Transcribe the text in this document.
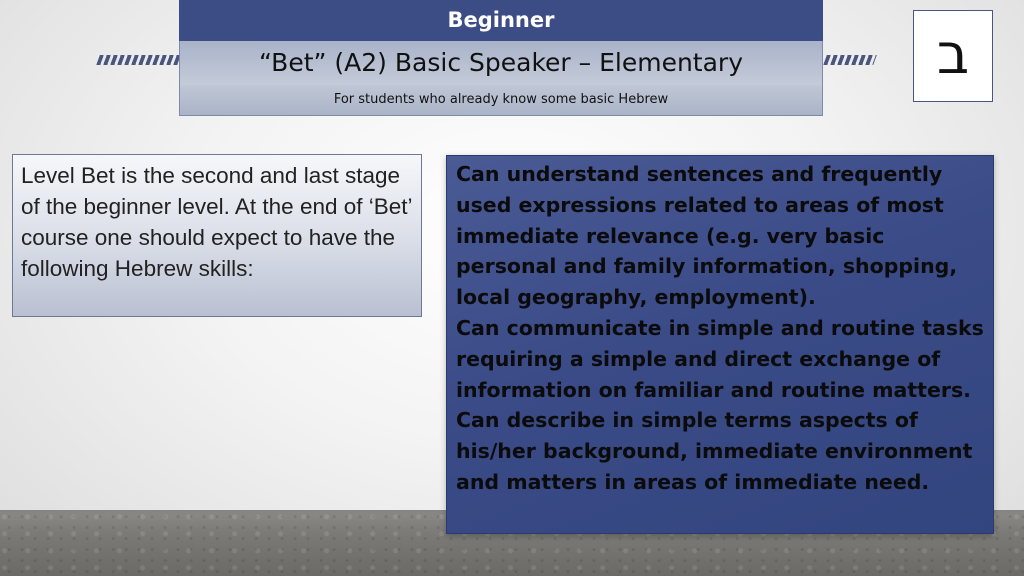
Beginner
“Bet” (A2) Basic Speaker – Elementary
For students who already know some basic Hebrew
ב
Level Bet is the second and last stage of the beginner level. At the end of ‘Bet’ course one should expect to have the following Hebrew skills:

Can understand sentences and frequently used expressions related to areas of most immediate relevance (e.g. very basic personal and family information, shopping, local geography, employment).

Can communicate in simple and routine tasks requiring a simple and direct exchange of information on familiar and routine matters. Can describe in simple terms aspects of his/her background, immediate environment and matters in areas of immediate need.
